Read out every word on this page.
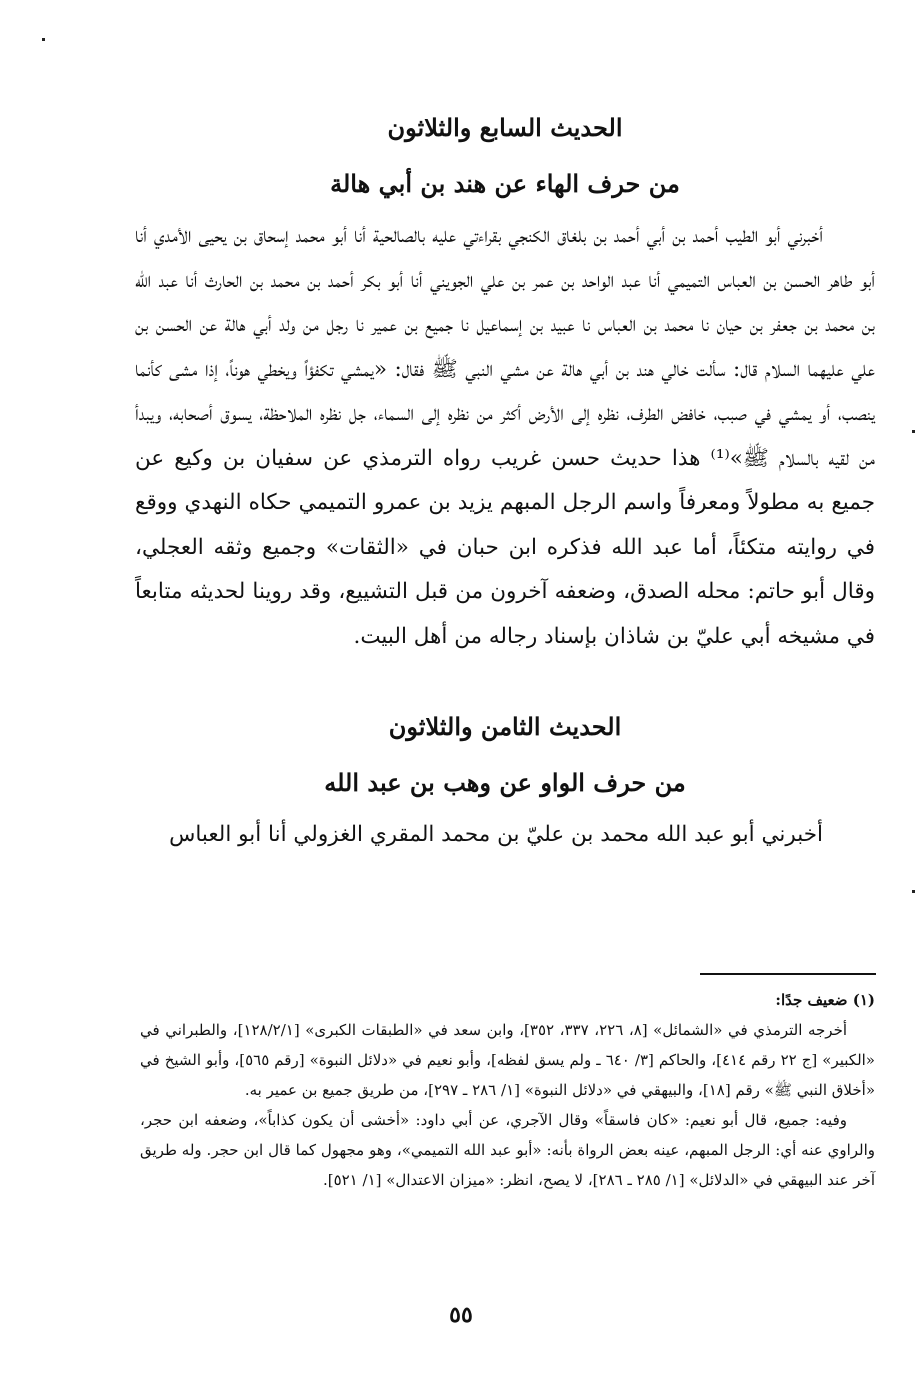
الحديث السابع والثلاثون
من حرف الهاء عن هند بن أبي هالة

أخبرني أبو الطيب أحمد بن أبي أحمد بن بلغاق الكنجي بقراءتي عليه بالصالحية أنا أبو محمد إسحاق بن يحيى الأمدي أنا أبو طاهر الحسن بن العباس التميمي أنا عبد الواحد بن عمر بن علي الجويني أنا أبو بكر أحمد بن محمد بن الحارث أنا عبد الله بن محمد بن جعفر بن حيان نا محمد بن العباس نا عبيد بن إسماعيل نا جميع بن عمير نا رجل من ولد أبي هالة عن الحسن بن علي عليهما السلام قال: سألت خالي هند بن أبي هالة عن مشي النبي ﷺ فقال: «يمشي تكفؤاً ويخطي هوناً، إذا مشى كأنما ينصب، أو يمشي في صبب، خافض الطرف، نظره إلى الأرض أكثر من نظره إلى السماء، جل نظره الملاحظة، يسوق أصحابه، ويبدأ من لقيه بالسلام ﷺ»⁽¹⁾ هذا حديث حسن غريب رواه الترمذي عن سفيان بن وكيع عن جميع به مطولاً ومعرفاً واسم الرجل المبهم يزيد بن عمرو التميمي حكاه النهدي ووقع في روايته متكئاً، أما عبد الله فذكره ابن حبان في «الثقات» وجميع وثقه العجلي، وقال أبو حاتم: محله الصدق، وضعفه آخرون من قبل التشييع، وقد روينا لحديثه متابعاً في مشيخه أبي عليّ بن شاذان بإسناد رجاله من أهل البيت.

الحديث الثامن والثلاثون
من حرف الواو عن وهب بن عبد الله

أخبرني أبو عبد الله محمد بن عليّ بن محمد المقري الغزولي أنا أبو العباس

(١) ضعيف جدًا:

أخرجه الترمذي في «الشمائل» [٨، ٢٢٦، ٣٣٧، ٣٥٢]، وابن سعد في «الطبقات الكبرى» [١٢٨/٢/١]، والطبراني في «الكبير» [ج ٢٢ رقم ٤١٤]، والحاكم [٣/ ٦٤٠ ـ ولم يسق لفظه]، وأبو نعيم في «دلائل النبوة» [رقم ٥٦٥]، وأبو الشيخ في «أخلاق النبي ﷺ» رقم [١٨]، والبيهقي في «دلائل النبوة» [١/ ٢٨٦ ـ ٢٩٧]، من طريق جميع بن عمير به.

وفيه: جميع، قال أبو نعيم: «كان فاسقاً» وقال الآجري، عن أبي داود: «أخشى أن يكون كذاباً»، وضعفه ابن حجر، والراوي عنه أي: الرجل المبهم، عينه بعض الرواة بأنه: «أبو عبد الله التميمي»، وهو مجهول كما قال ابن حجر. وله طريق آخر عند البيهقي في «الدلائل» [١/ ٢٨٥ ـ ٢٨٦]، لا يصح، انظر: «ميزان الاعتدال» [١/ ٥٢١].

٥٥
